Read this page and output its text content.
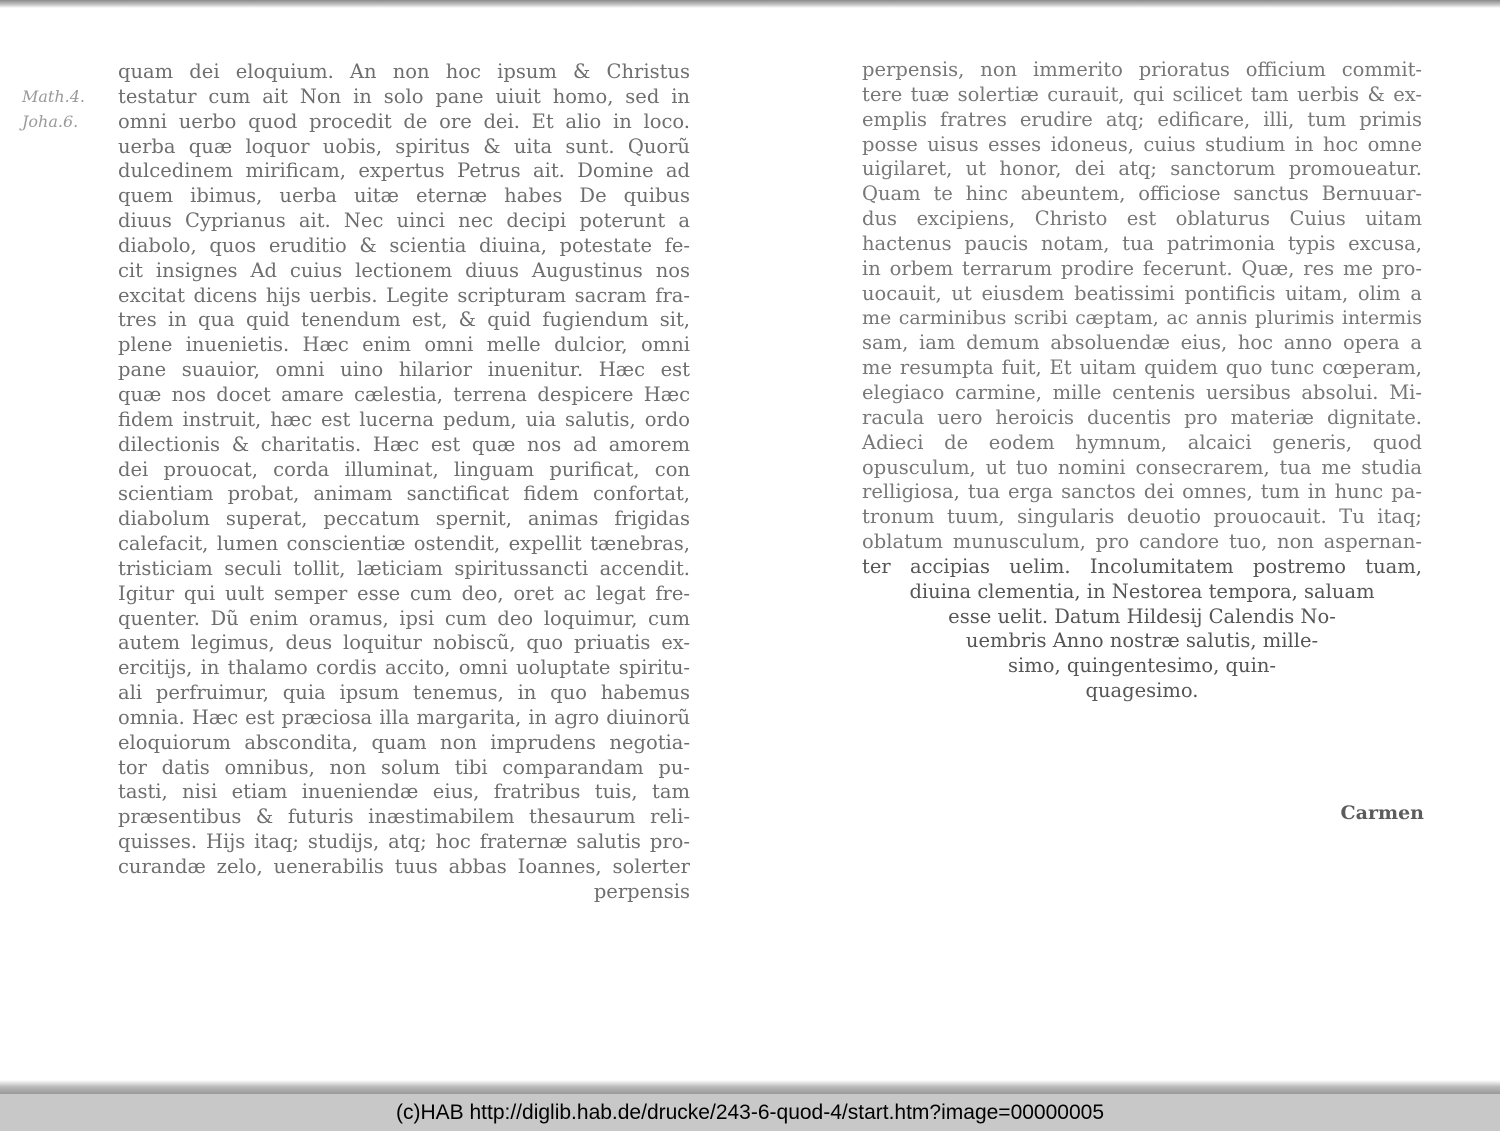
Math.4.
Joha.6.
quam dei eloquium. An non hoc ipsum & Christus
testatur cum ait Non in solo pane uiuit homo, sed in
omni uerbo quod procedit de ore dei. Et alio in loco.
uerba quæ loquor uobis, spiritus & uita sunt. Quorũ
dulcedinem mirificam, expertus Petrus ait. Domine ad
quem ibimus, uerba uitæ eternæ habes De quibus
diuus Cyprianus ait. Nec uinci nec decipi poterunt a
diabolo, quos eruditio & scientia diuina, potestate fe-
cit insignes Ad cuius lectionem diuus Augustinus nos
excitat dicens hijs uerbis. Legite scripturam sacram fra-
tres in qua quid tenendum est, & quid fugiendum sit,
plene inuenietis. Hæc enim omni melle dulcior, omni
pane suauior, omni uino hilarior inuenitur. Hæc est
quæ nos docet amare cælestia, terrena despicere Hæc
fidem instruit, hæc est lucerna pedum, uia salutis, ordo
dilectionis & charitatis. Hæc est quæ nos ad amorem
dei prouocat, corda illuminat, linguam purificat, con
scientiam probat, animam sanctificat fidem confortat,
diabolum superat, peccatum spernit, animas frigidas
calefacit, lumen conscientiæ ostendit, expellit tænebras,
tristiciam seculi tollit, læticiam spiritussancti accendit.
Igitur qui uult semper esse cum deo, oret ac legat fre-
quenter. Dũ enim oramus, ipsi cum deo loquimur, cum
autem legimus, deus loquitur nobiscũ, quo priuatis ex-
ercitijs, in thalamo cordis accito, omni uoluptate spiritu-
ali perfruimur, quia ipsum tenemus, in quo habemus
omnia. Hæc est præciosa illa margarita, in agro diuinorũ
eloquiorum abscondita, quam non imprudens negotia-
tor datis omnibus, non solum tibi comparandam pu-
tasti, nisi etiam inueniendæ eius, fratribus tuis, tam
præsentibus & futuris inæstimabilem thesaurum reli-
quisses. Hijs itaq; studijs, atq; hoc fraternæ salutis pro-
curandæ zelo, uenerabilis tuus abbas Ioannes, solerter
perpensis
perpensis, non immerito prioratus officium commit-
tere tuæ solertiæ curauit, qui scilicet tam uerbis & ex-
emplis fratres erudire atq; edificare, illi, tum primis
posse uisus esses idoneus, cuius studium in hoc omne
uigilaret, ut honor, dei atq; sanctorum promoueatur.
Quam te hinc abeuntem, officiose sanctus Bernuuar-
dus excipiens, Christo est oblaturus Cuius uitam
hactenus paucis notam, tua patrimonia typis excusa,
in orbem terrarum prodire fecerunt. Quæ, res me pro-
uocauit, ut eiusdem beatissimi pontificis uitam, olim a
me carminibus scribi cæptam, ac annis plurimis intermis
sam, iam demum absoluendæ eius, hoc anno opera a
me resumpta fuit, Et uitam quidem quo tunc cœperam,
elegiaco carmine, mille centenis uersibus absolui. Mi-
racula uero heroicis ducentis pro materiæ dignitate.
Adieci de eodem hymnum, alcaici generis, quod
opusculum, ut tuo nomini consecrarem, tua me studia
relligiosa, tua erga sanctos dei omnes, tum in hunc pa-
tronum tuum, singularis deuotio prouocauit. Tu itaq;
oblatum munusculum, pro candore tuo, non aspernan-
ter accipias uelim. Incolumitatem postremo tuam,
diuina clementia, in Nestorea tempora, saluam
esse uelit. Datum Hildesij Calendis No-
uembris Anno nostræ salutis, mille-
simo, quingentesimo, quin-
quagesimo.
Carmen
(c)HAB http://diglib.hab.de/drucke/243-6-quod-4/start.htm?image=00000005
